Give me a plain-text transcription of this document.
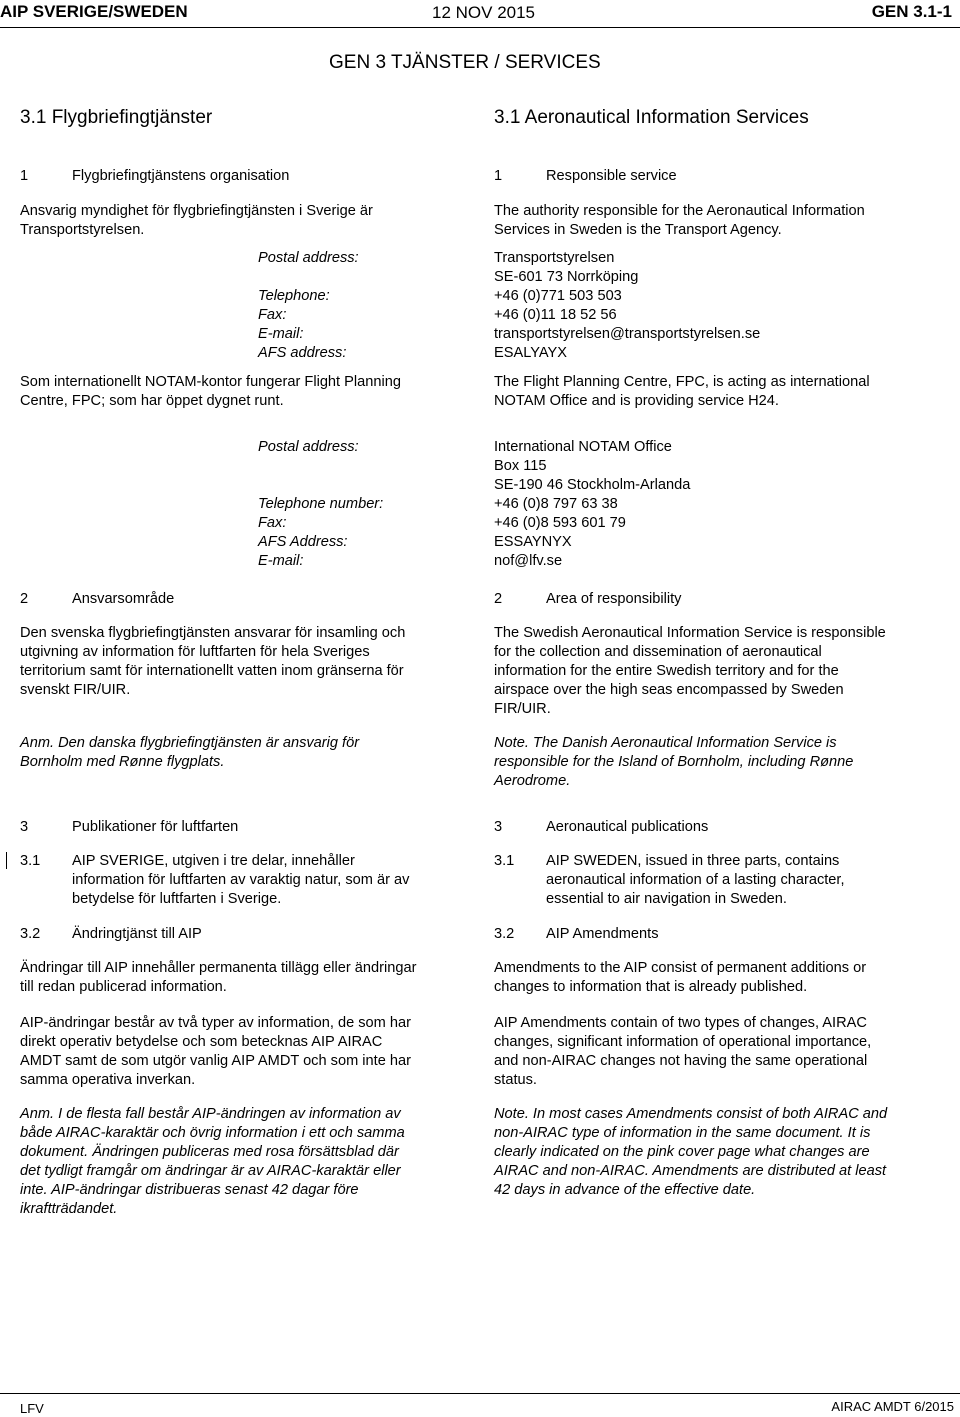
AIP SVERIGE/SWEDEN	12 NOV 2015	GEN 3.1-1
GEN 3 TJÄNSTER / SERVICES
3.1 Flygbriefingtjänster	3.1 Aeronautical Information Services
1	Flygbriefingtjänstens organisation	1	Responsible service
Ansvarig myndighet för flygbriefingtjänsten i Sverige är
Transportstyrelsen.
The authority responsible for the Aeronautical Information
Services in Sweden is the Transport Agency.
Postal address:	Transportstyrelsen
SE-601 73 Norrköping
Telephone:	+46 (0)771 503 503
Fax:	+46 (0)11 18 52 56
E-mail:	transportstyrelsen@transportstyrelsen.se
AFS address:	ESALYAYX
Som internationellt NOTAM-kontor fungerar Flight Planning
Centre, FPC; som har öppet dygnet runt.
The Flight Planning Centre, FPC, is acting as international
NOTAM Office and is providing service H24.
Postal address:	International NOTAM Office
Box 115
SE-190 46 Stockholm-Arlanda
Telephone number:	+46 (0)8 797 63 38
Fax:	+46 (0)8 593 601 79
AFS Address:	ESSAYNYX
E-mail:	nof@lfv.se
2	Ansvarsområde	2	Area of responsibility
Den svenska flygbriefingtjänsten ansvarar för insamling och
utgivning av information för luftfarten för hela Sveriges
territorium samt för internationellt vatten inom gränserna för
svenskt FIR/UIR.
The Swedish Aeronautical Information Service is responsible
for the collection and dissemination of aeronautical
information for the entire Swedish territory and for the
airspace over the high seas encompassed by Sweden
FIR/UIR.
Anm. Den danska flygbriefingtjänsten är ansvarig för
Bornholm med Rønne flygplats.
Note. The Danish Aeronautical Information Service is
responsible for the Island of Bornholm, including Rønne
Aerodrome.
3	Publikationer för luftfarten	3	Aeronautical publications
3.1 AIP SVERIGE, utgiven i tre delar, innehåller
information för luftfarten av varaktig natur, som är av
betydelse för luftfarten i Sverige.
3.1 AIP SWEDEN, issued in three parts, contains
aeronautical information of a lasting character,
essential to air navigation in Sweden.
3.2 Ändringtjänst till AIP	3.2 AIP Amendments
Ändringar till AIP innehåller permanenta tillägg eller ändringar
till redan publicerad information.
Amendments to the AIP consist of permanent additions or
changes to information that is already published.
AIP-ändringar består av två typer av information, de som har
direkt operativ betydelse och som betecknas AIP AIRAC
AMDT samt de som utgör vanlig AIP AMDT och som inte har
samma operativa inverkan.
AIP Amendments contain of two types of changes, AIRAC
changes, significant information of operational importance,
and non-AIRAC changes not having the same operational
status.
Anm. I de flesta fall består AIP-ändringen av information av
både AIRAC-karaktär och övrig information i ett och samma
dokument. Ändringen publiceras med rosa försättsblad där
det tydligt framgår om ändringar är av AIRAC-karaktär eller
inte. AIP-ändringar distribueras senast 42 dagar före
ikraftträdandet.
Note. In most cases Amendments consist of both AIRAC and
non-AIRAC type of information in the same document. It is
clearly indicated on the pink cover page what changes are
AIRAC and non-AIRAC. Amendments are distributed at least
42 days in advance of the effective date.
LFV	AIRAC AMDT 6/2015
